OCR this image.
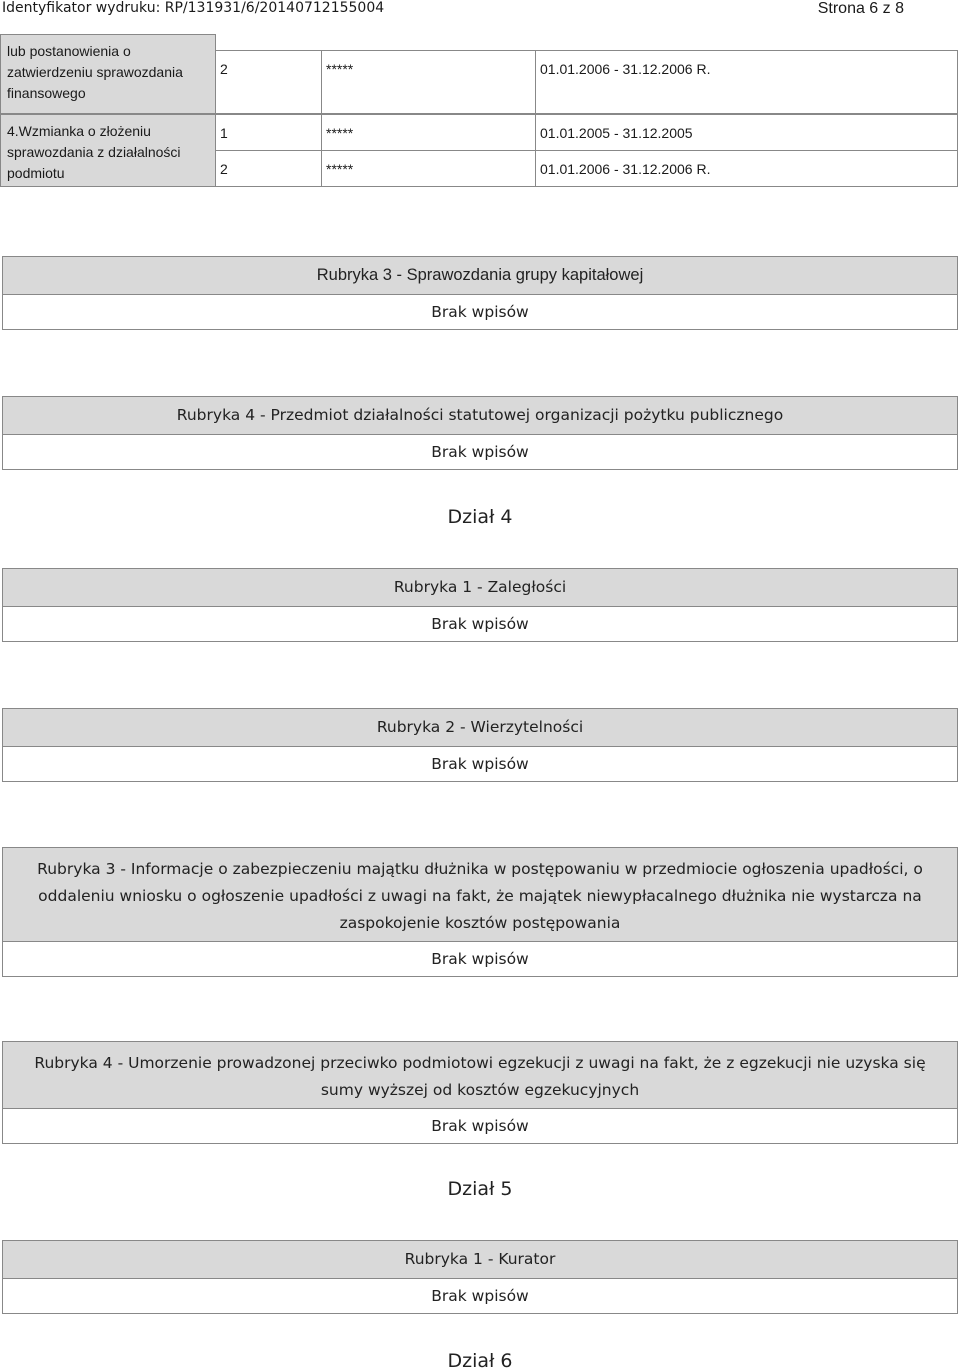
Identyfikator wydruku: RP/131931/6/20140712155004	Strona 6 z 8
lub postanowienia o zatwierdzeniu sprawozdania finansowego
2	*****	01.01.2006 - 31.12.2006 R.
4.Wzmianka o złożeniu sprawozdania z działalności podmiotu
1	*****	01.01.2005 - 31.12.2005
2	*****	01.01.2006 - 31.12.2006 R.
Rubryka 3 - Sprawozdania grupy kapitałowej
Brak wpisów
Rubryka 4 - Przedmiot działalności statutowej organizacji pożytku publicznego
Brak wpisów
Dział 4
Rubryka 1 - Zaległości
Brak wpisów
Rubryka 2 - Wierzytelności
Brak wpisów
Rubryka 3 - Informacje o zabezpieczeniu majątku dłużnika w postępowaniu w przedmiocie ogłoszenia upadłości, o oddaleniu wniosku o ogłoszenie upadłości z uwagi na fakt, że majątek niewypłacalnego dłużnika nie wystarcza na zaspokojenie kosztów postępowania
Brak wpisów
Rubryka 4 - Umorzenie prowadzonej przeciwko podmiotowi egzekucji z uwagi na fakt, że z egzekucji nie uzyska się sumy wyższej od kosztów egzekucyjnych
Brak wpisów
Dział 5
Rubryka 1 - Kurator
Brak wpisów
Dział 6
